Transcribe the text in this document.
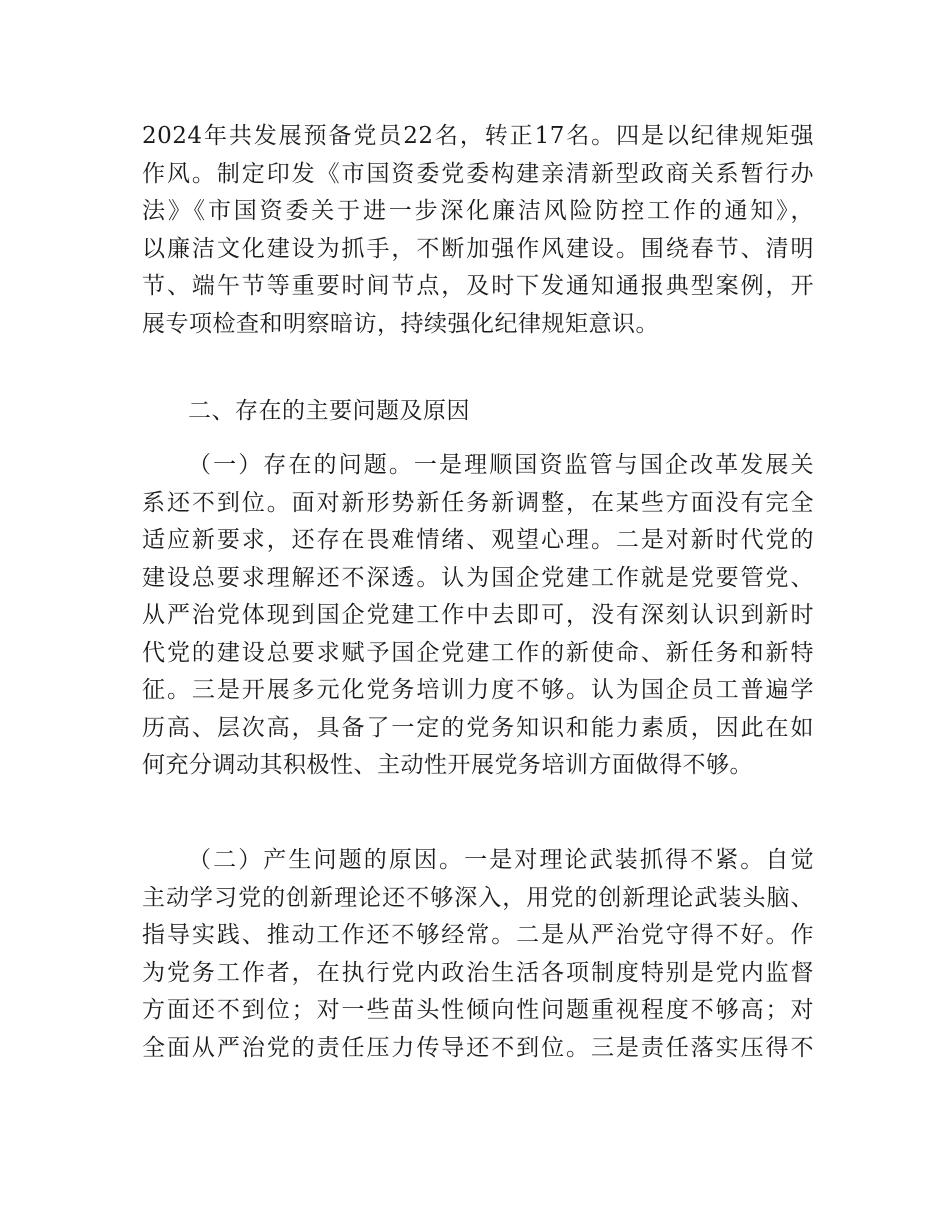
2024年共发展预备党员22名，转正17名。四是以纪律规矩强
作风。制定印发《市国资委党委构建亲清新型政商关系暂行办
法》《市国资委关于进一步深化廉洁风险防控工作的通知》，
以廉洁文化建设为抓手，不断加强作风建设。围绕春节、清明
节、端午节等重要时间节点，及时下发通知通报典型案例，开
展专项检查和明察暗访，持续强化纪律规矩意识。
二、存在的主要问题及原因
（一）存在的问题。一是理顺国资监管与国企改革发展关
系还不到位。面对新形势新任务新调整，在某些方面没有完全
适应新要求，还存在畏难情绪、观望心理。二是对新时代党的
建设总要求理解还不深透。认为国企党建工作就是党要管党、
从严治党体现到国企党建工作中去即可，没有深刻认识到新时
代党的建设总要求赋予国企党建工作的新使命、新任务和新特
征。三是开展多元化党务培训力度不够。认为国企员工普遍学
历高、层次高，具备了一定的党务知识和能力素质，因此在如
何充分调动其积极性、主动性开展党务培训方面做得不够。
（二）产生问题的原因。一是对理论武装抓得不紧。自觉
主动学习党的创新理论还不够深入，用党的创新理论武装头脑、
指导实践、推动工作还不够经常。二是从严治党守得不好。作
为党务工作者，在执行党内政治生活各项制度特别是党内监督
方面还不到位；对一些苗头性倾向性问题重视程度不够高；对
全面从严治党的责任压力传导还不到位。三是责任落实压得不
